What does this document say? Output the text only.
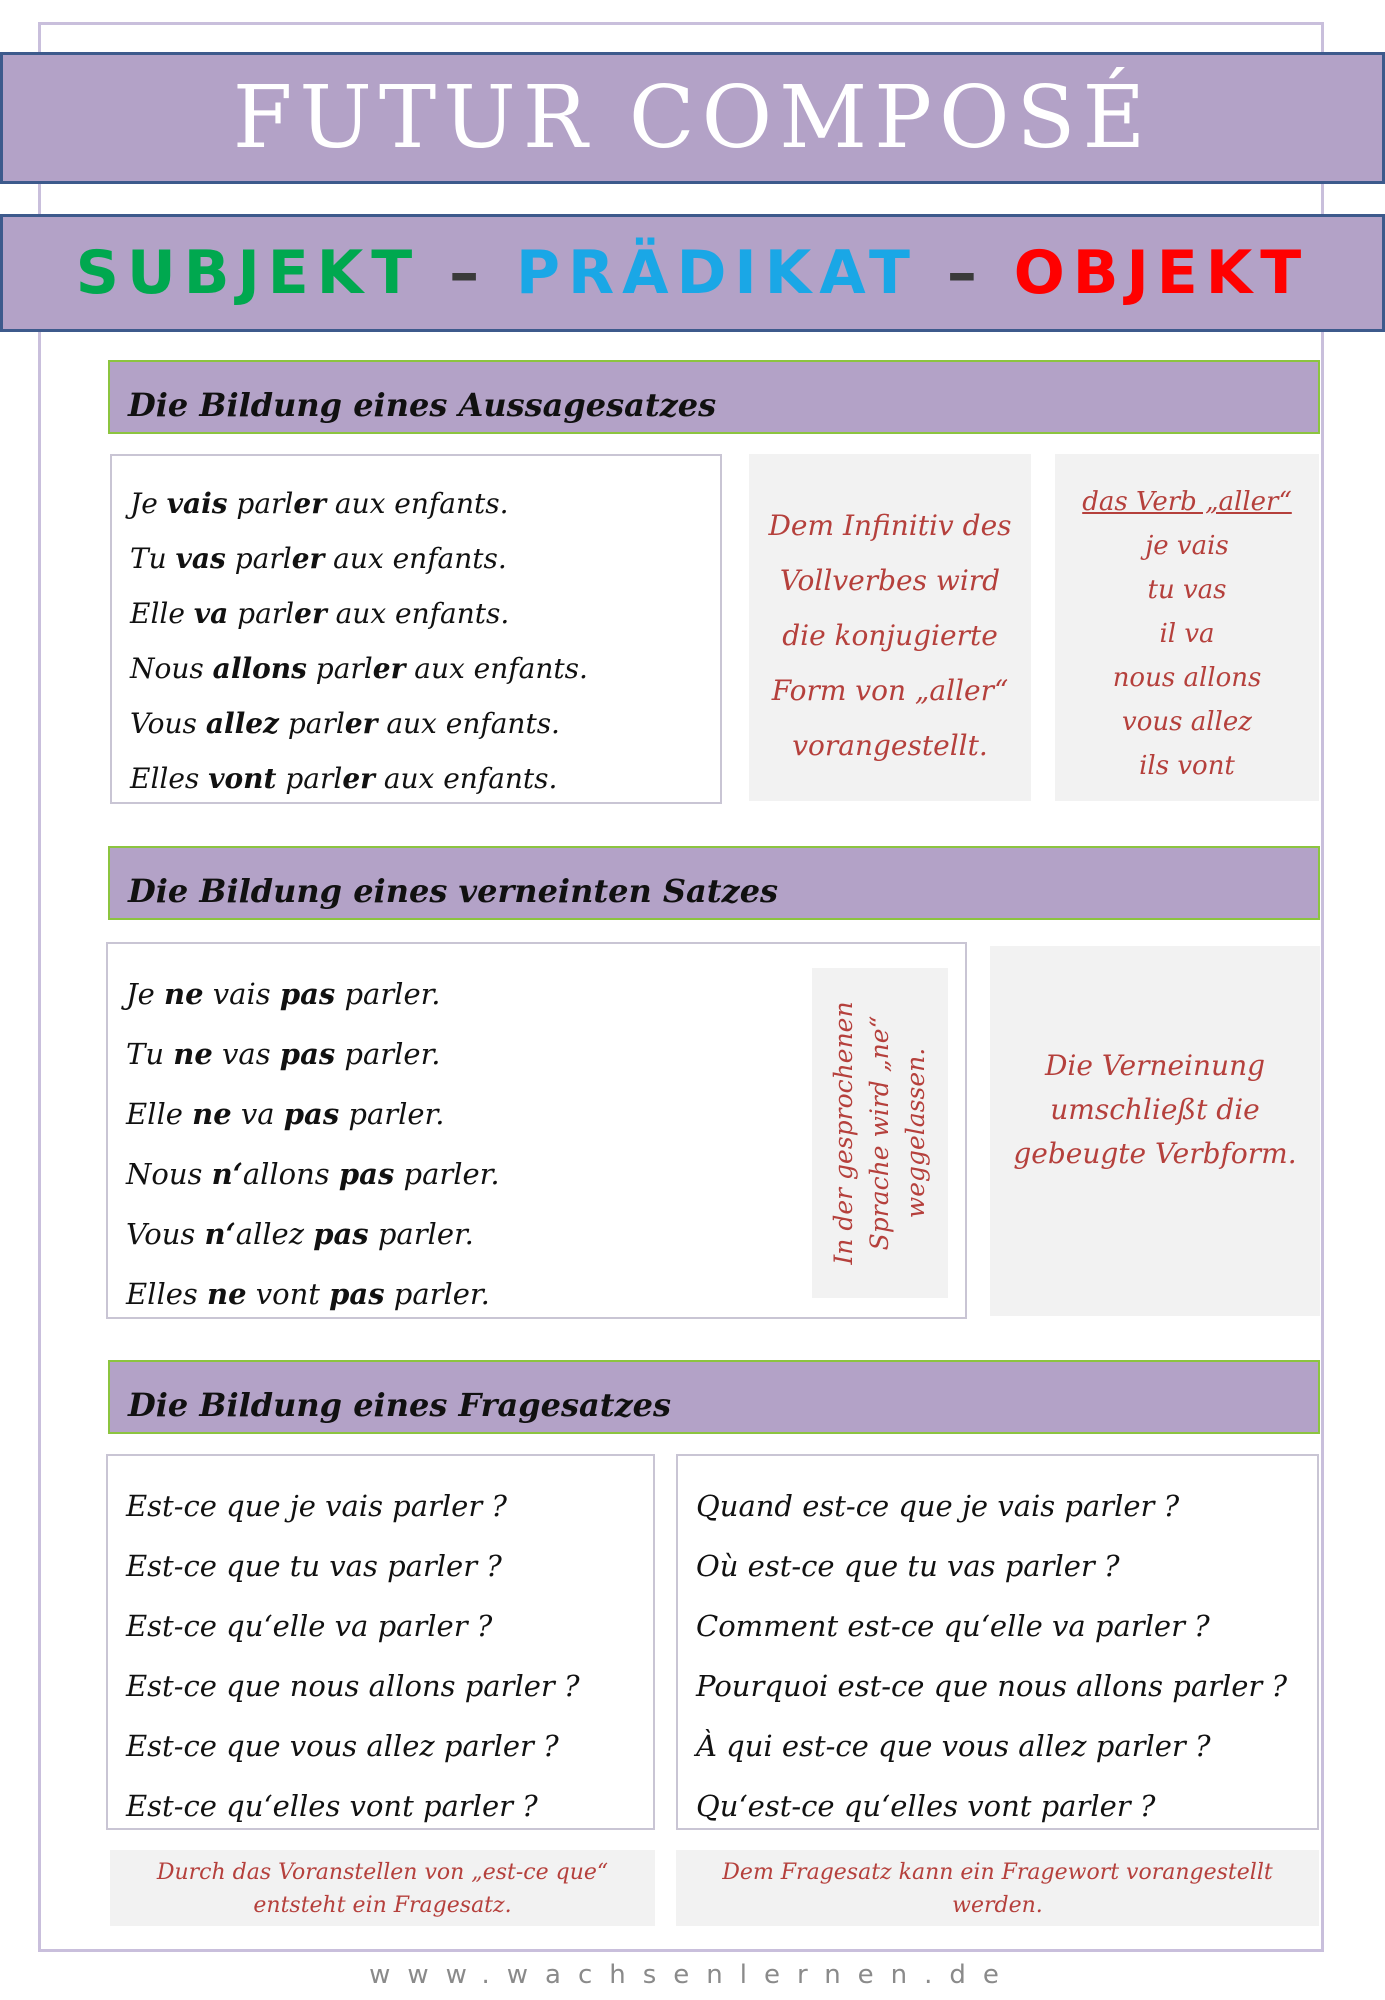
FUTUR COMPOSÉ
SUBJEKT – PRÄDIKAT – OBJEKT
Die Bildung eines Aussagesatzes
Je vais parler aux enfants.
Tu vas parler aux enfants.
Elle va parler aux enfants.
Nous allons parler aux enfants.
Vous allez parler aux enfants.
Elles vont parler aux enfants.
Dem Infinitiv des
Vollverbes wird
die konjugierte
Form von „aller“
vorangestellt.
das Verb „aller“
je vais
tu vas
il va
nous allons
vous allez
ils vont
Die Bildung eines verneinten Satzes
Je ne vais pas parler.
Tu ne vas pas parler.
Elle ne va pas parler.
Nous n‘allons pas parler.
Vous n‘allez pas parler.
Elles ne vont pas parler.
In der gesprochenen Sprache wird „ne“ weggelassen.	Die Verneinung
umschließt die
gebeugte Verbform.
Die Bildung eines Fragesatzes
Est-ce que je vais parler ?
Est-ce que tu vas parler ?
Est-ce qu‘elle va parler ?
Est-ce que nous allons parler ?
Est-ce que vous allez parler ?
Est-ce qu‘elles vont parler ?
Quand est-ce que je vais parler ?
Où est-ce que tu vas parler ?
Comment est-ce qu‘elle va parler ?
Pourquoi est-ce que nous allons parler ?
À qui est-ce que vous allez parler ?
Qu‘est-ce qu‘elles vont parler ?
Durch das Voranstellen von „est-ce que“
entsteht ein Fragesatz.
Dem Fragesatz kann ein Fragewort vorangestellt
werden.
www.wachsenlernen.de
